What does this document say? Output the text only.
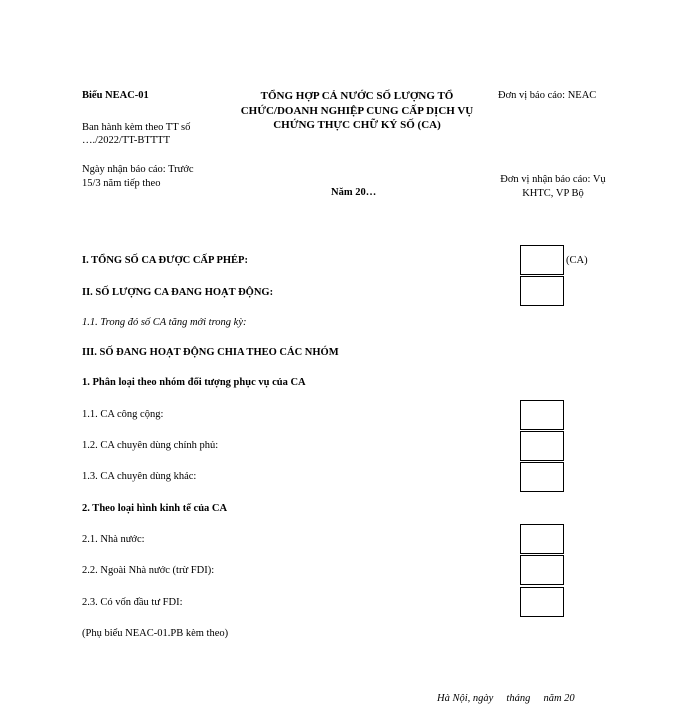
Biểu NEAC-01
Ban hành kèm theo TT số
…./2022/TT-BTTTT
Ngày nhận báo cáo: Trước
15/3 năm tiếp theo
TỔNG HỢP CẢ NƯỚC SỐ LƯỢNG TỔ
CHỨC/DOANH NGHIỆP CUNG CẤP DỊCH VỤ
CHỨNG THỰC CHỮ KÝ SỐ (CA)
Năm 20…
Đơn vị báo cáo: NEAC
Đơn vị nhận báo cáo: Vụ
KHTC, VP Bộ
I. TỔNG SỐ CA ĐƯỢC CẤP PHÉP:	(CA)
II. SỐ LƯỢNG CA ĐANG HOẠT ĐỘNG:
1.1. Trong đó số CA tăng mới trong kỳ:
III. SỐ ĐANG HOẠT ĐỘNG CHIA THEO CÁC NHÓM
1. Phân loại theo nhóm đối tượng phục vụ của CA
1.1. CA công cộng:
1.2. CA chuyên dùng chính phủ:
1.3. CA chuyên dùng khác:
2. Theo loại hình kinh tế của CA
2.1. Nhà nước:
2.2. Ngoài Nhà nước (trừ FDI):
2.3. Có vốn đầu tư FDI:
(Phụ biểu NEAC-01.PB kèm theo)
Hà Nội, ngày     tháng     năm 20
